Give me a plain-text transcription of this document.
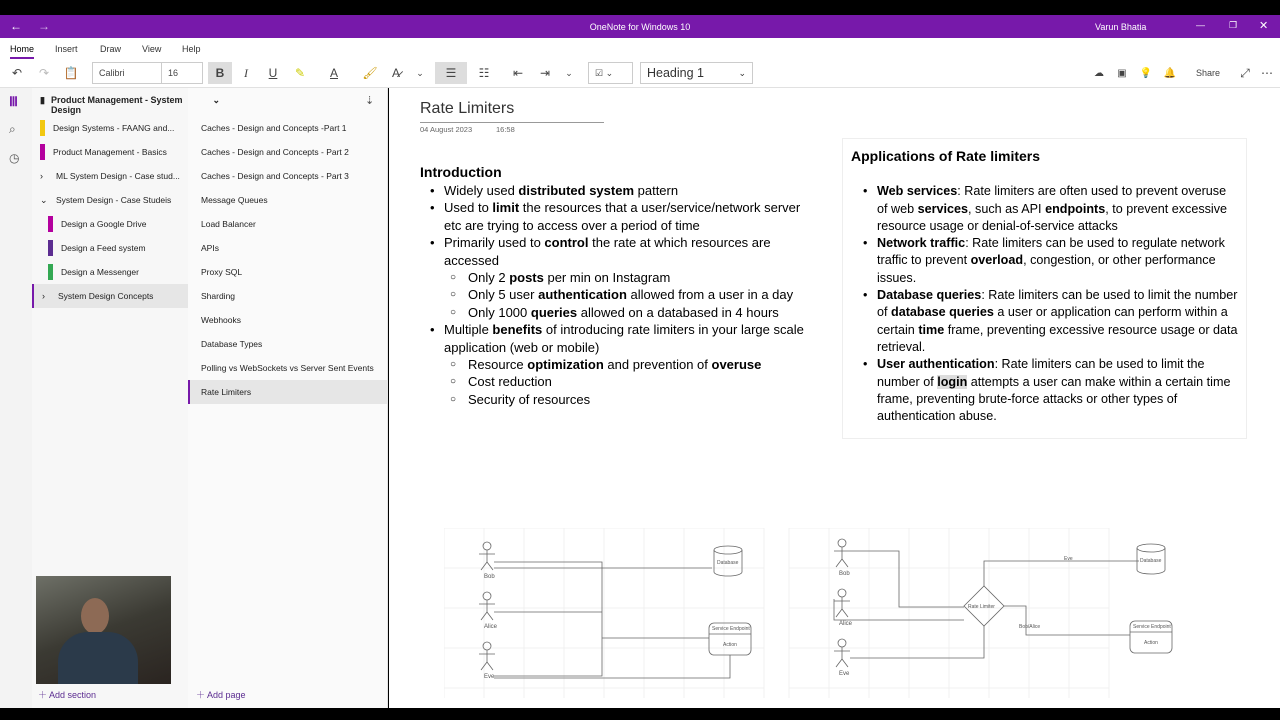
← →	OneNote for Windows 10	Varun Bhatia	—	❐ ✕
Home Insert Draw View Help
↶	↷	📋	Calibri	16	B	I	U	✎	A	🖌	A̷	⌄	☰	☷	⇤	⇥	⌄	☑ ⌄	Heading 1	⌄	☁ ▣ 💡 🔔 Share ⤢ ⋯
Ⅲ
⌕
◷
▮ Product Management - System Design
⌄
Design Systems - FAANG and...
Product Management - Basics
›	ML System Design - Case stud...
⌄ System Design - Case Studeis
Design a Google Drive
Design a Feed system
Design a Messenger
›	System Design Concepts
＋ Add section
⇣
Caches - Design and Concepts -Part 1
Caches - Design and Concepts - Part 2
Caches - Design and Concepts - Part 3
Message Queues
Load Balancer
APIs
Proxy SQL
Sharding
Webhooks
Database Types
Polling vs WebSockets vs Server Sent Events
Rate Limiters
＋ Add page
Rate Limiters
04 August 2023	16:58
Introduction
• Widely used distributed system pattern
• Used to limit the resources that a user/service/network server etc are trying to access over a period of time
• Primarily used to control the rate at which resources are accessed
○ Only 2 posts per min on Instagram
○ Only 5 user authentication allowed from a user in a day
○ Only 1000 queries allowed on a databased in 4 hours
• Multiple benefits of introducing rate limiters in your large scale application (web or mobile)
○ Resource optimization and prevention of overuse
○ Cost reduction
○ Security of resources
Applications of Rate limiters
• Web services: Rate limiters are often used to prevent overuse of web services, such as API endpoints, to prevent excessive resource usage or denial-of-service attacks
• Network traffic: Rate limiters can be used to regulate network traffic to prevent overload, congestion, or other performance issues.
• Database queries: Rate limiters can be used to limit the number of database queries a user or application can perform within a certain time frame, preventing excessive resource usage or data retrieval.
• User authentication: Rate limiters can be used to limit the number of login attempts a user can make within a certain time frame, preventing brute-force attacks or other types of authentication abuse.
Bob
Alice
Eve
Database
Service Endpoint
Action
Bob
Alice
Eve
Database
Service Endpoint
Action
Rate Limiter
Eve
Bob/Alice
